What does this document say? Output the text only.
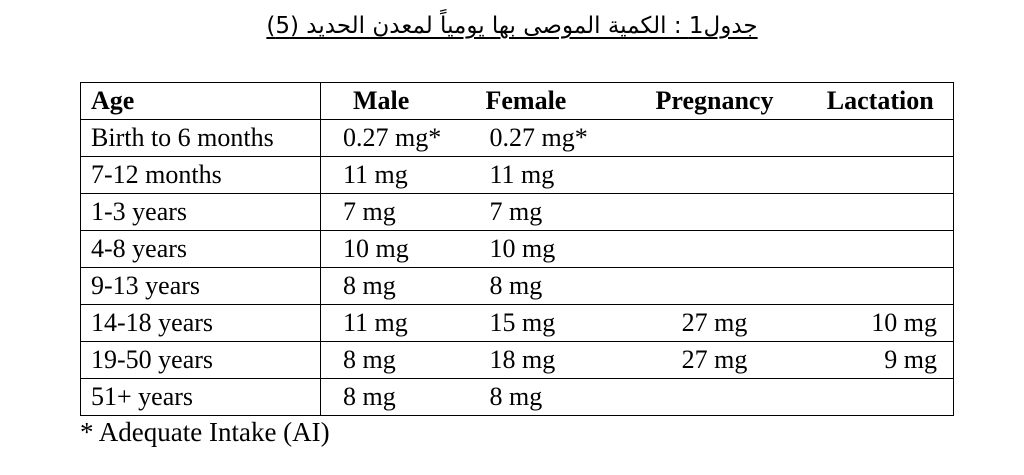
جدول1 : الكمية الموصى بها يومياً لمعدن الحديد (5)
Age	Male	Female	Pregnancy	Lactation
Birth to 6 months	0.27 mg*	0.27 mg*		
7-12 months	11 mg	11 mg		
1-3 years	7 mg	7 mg		
4-8 years	10 mg	10 mg		
9-13 years	8 mg	8 mg		
14-18 years	11 mg	15 mg	27 mg	10 mg
19-50 years	8 mg	18 mg	27 mg	9 mg
51+ years	8 mg	8 mg		
* Adequate Intake (AI)
